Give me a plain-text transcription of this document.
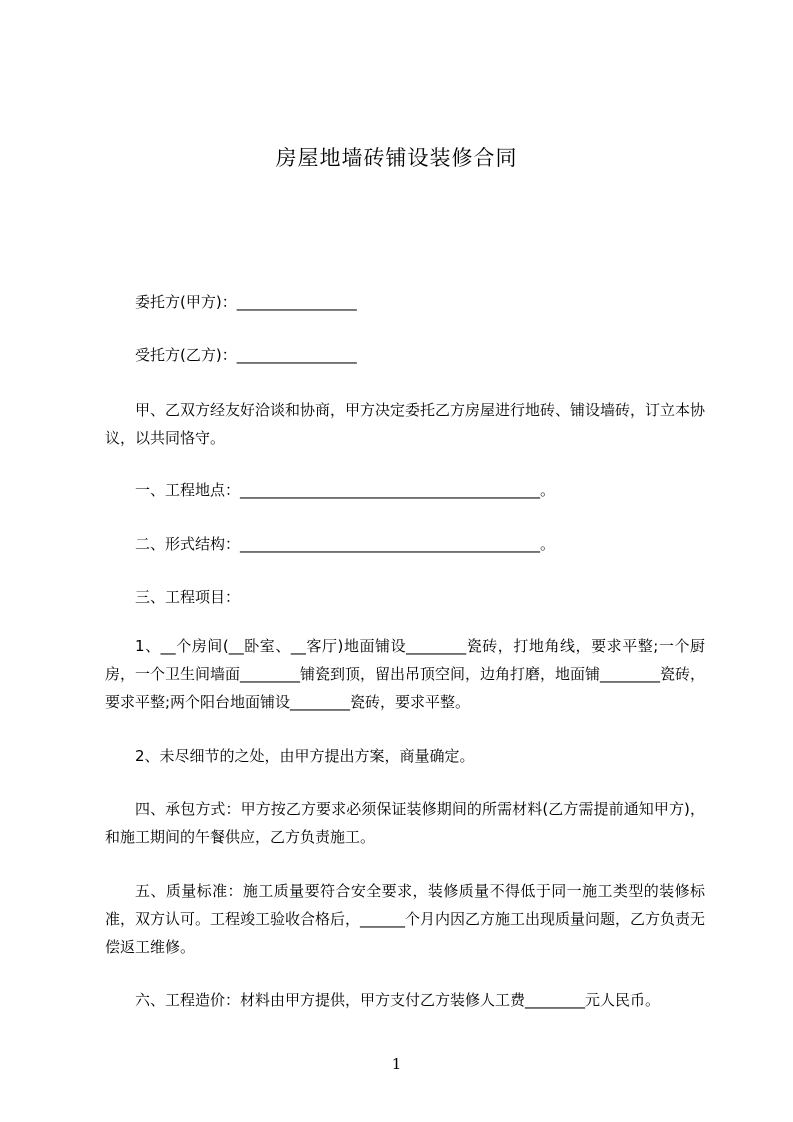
房屋地墙砖铺设装修合同
委托方(甲方)：________________
受托方(乙方)：________________
甲、乙双方经友好洽谈和协商，甲方决定委托乙方房屋进行地砖、铺设墙砖，订立本协议，以共同恪守。
一、工程地点：________________________________________。
二、形式结构：________________________________________。
三、工程项目：
1、__个房间(__卧室、__客厅)地面铺设________瓷砖，打地角线，要求平整;一个厨房，一个卫生间墙面________铺瓷到顶，留出吊顶空间，边角打磨，地面铺________瓷砖，要求平整;两个阳台地面铺设________瓷砖，要求平整。
2、未尽细节的之处，由甲方提出方案，商量确定。
四、承包方式：甲方按乙方要求必须保证装修期间的所需材料(乙方需提前通知甲方)，和施工期间的午餐供应，乙方负责施工。
五、质量标准：施工质量要符合安全要求，装修质量不得低于同一施工类型的装修标准，双方认可。工程竣工验收合格后，______个月内因乙方施工出现质量问题，乙方负责无偿返工维修。
六、工程造价：材料由甲方提供，甲方支付乙方装修人工费________元人民币。
1
